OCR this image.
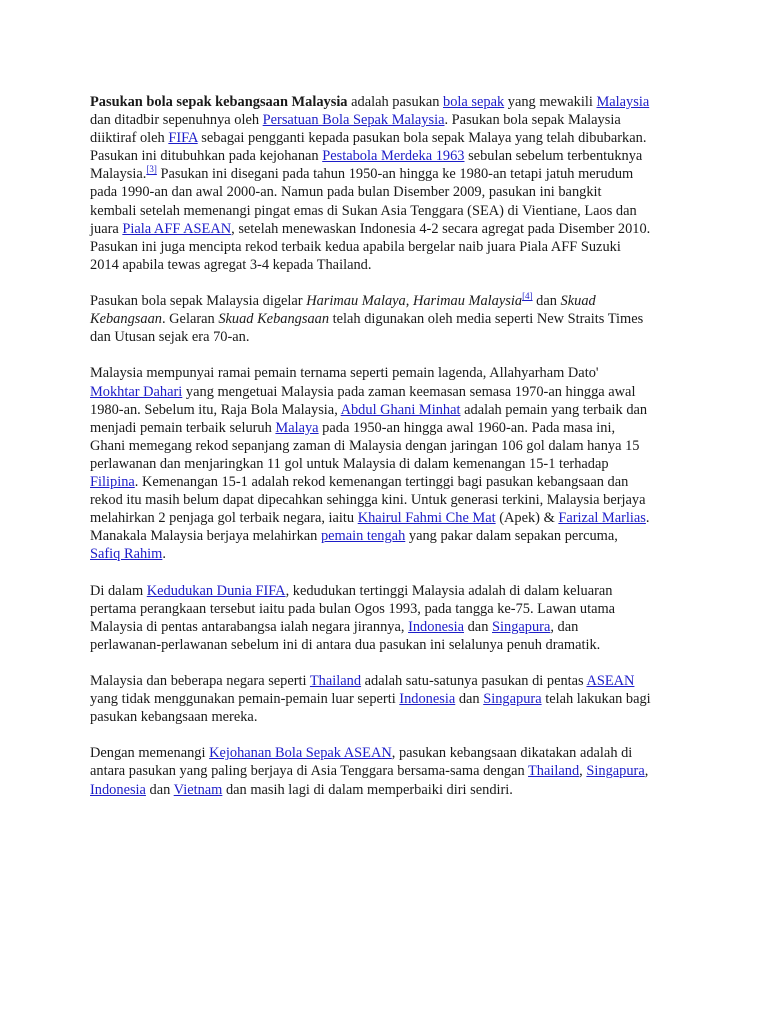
Pasukan bola sepak kebangsaan Malaysia adalah pasukan bola sepak yang mewakili Malaysia
dan ditadbir sepenuhnya oleh Persatuan Bola Sepak Malaysia. Pasukan bola sepak Malaysia
diiktiraf oleh FIFA sebagai pengganti kepada pasukan bola sepak Malaya yang telah dibubarkan.
Pasukan ini ditubuhkan pada kejohanan Pestabola Merdeka 1963 sebulan sebelum terbentuknya
Malaysia.[3] Pasukan ini disegani pada tahun 1950-an hingga ke 1980-an tetapi jatuh merudum
pada 1990-an dan awal 2000-an. Namun pada bulan Disember 2009, pasukan ini bangkit
kembali setelah memenangi pingat emas di Sukan Asia Tenggara (SEA) di Vientiane, Laos dan
juara Piala AFF ASEAN, setelah menewaskan Indonesia 4-2 secara agregat pada Disember 2010.
Pasukan ini juga mencipta rekod terbaik kedua apabila bergelar naib juara Piala AFF Suzuki
2014 apabila tewas agregat 3-4 kepada Thailand.

Pasukan bola sepak Malaysia digelar Harimau Malaya, Harimau Malaysia[4] dan Skuad
Kebangsaan. Gelaran Skuad Kebangsaan telah digunakan oleh media seperti New Straits Times
dan Utusan sejak era 70-an.

Malaysia mempunyai ramai pemain ternama seperti pemain lagenda, Allahyarham Dato'
Mokhtar Dahari yang mengetuai Malaysia pada zaman keemasan semasa 1970-an hingga awal
1980-an. Sebelum itu, Raja Bola Malaysia, Abdul Ghani Minhat adalah pemain yang terbaik dan
menjadi pemain terbaik seluruh Malaya pada 1950-an hingga awal 1960-an. Pada masa ini,
Ghani memegang rekod sepanjang zaman di Malaysia dengan jaringan 106 gol dalam hanya 15
perlawanan dan menjaringkan 11 gol untuk Malaysia di dalam kemenangan 15-1 terhadap
Filipina. Kemenangan 15-1 adalah rekod kemenangan tertinggi bagi pasukan kebangsaan dan
rekod itu masih belum dapat dipecahkan sehingga kini. Untuk generasi terkini, Malaysia berjaya
melahirkan 2 penjaga gol terbaik negara, iaitu Khairul Fahmi Che Mat (Apek) & Farizal Marlias.
Manakala Malaysia berjaya melahirkan pemain tengah yang pakar dalam sepakan percuma,
Safiq Rahim.

Di dalam Kedudukan Dunia FIFA, kedudukan tertinggi Malaysia adalah di dalam keluaran
pertama perangkaan tersebut iaitu pada bulan Ogos 1993, pada tangga ke-75. Lawan utama
Malaysia di pentas antarabangsa ialah negara jirannya, Indonesia dan Singapura, dan
perlawanan-perlawanan sebelum ini di antara dua pasukan ini selalunya penuh dramatik.

Malaysia dan beberapa negara seperti Thailand adalah satu-satunya pasukan di pentas ASEAN
yang tidak menggunakan pemain-pemain luar seperti Indonesia dan Singapura telah lakukan bagi
pasukan kebangsaan mereka.

Dengan memenangi Kejohanan Bola Sepak ASEAN, pasukan kebangsaan dikatakan adalah di
antara pasukan yang paling berjaya di Asia Tenggara bersama-sama dengan Thailand, Singapura,
Indonesia dan Vietnam dan masih lagi di dalam memperbaiki diri sendiri.
